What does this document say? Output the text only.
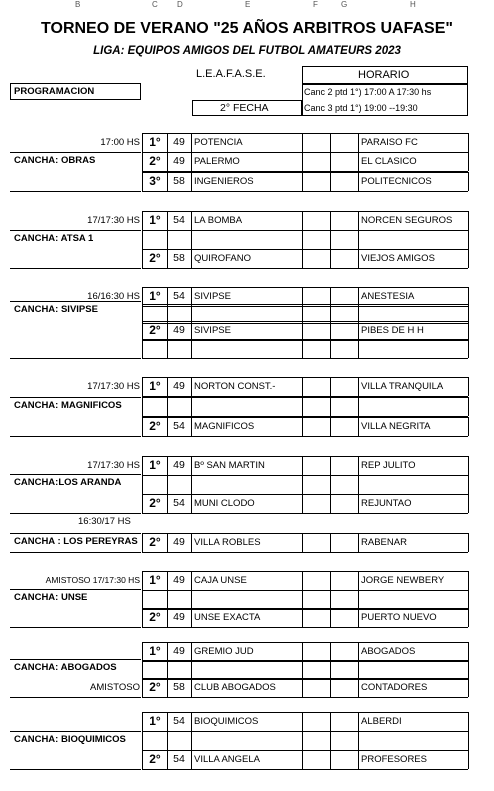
B	C D	E	F	G	H
TORNEO DE VERANO "25 AÑOS ARBITROS UAFASE"
LIGA: EQUIPOS AMIGOS DEL FUTBOL AMATEURS 2023
PROGRAMACION
L.E.A.F.A.S.E.	HORARIO
Canc 2 ptd 1°) 17:00 A 17:30 hs
Canc 3 ptd 1°) 19:00 --19:30
2° FECHA
17:00 HS 1°	49 POTENCIA	PARAISO FC
2°	49 PALERMO	EL CLASICO
3°	58 INGENIEROS	POLITECNICOS
CANCHA: OBRAS
17/17:30 HS 1°	54 LA BOMBA	NORCEN SEGUROS
2°	58 QUIROFANO	VIEJOS AMIGOS
CANCHA: ATSA 1
16/16:30 HS 1°	54 SIVIPSE	ANESTESIA
2°	49 SIVIPSE	PIBES DE H H
CANCHA: SIVIPSE
17/17:30 HS 1°	49 NORTON CONST.-	VILLA TRANQUILA
2°	54 MAGNIFICOS	VILLA NEGRITA
CANCHA: MAGNIFICOS
17/17:30 HS 1°	49 Bº SAN MARTIN	REP JULITO
2°	54 MUNI CLODO	REJUNTAO
CANCHA:LOS ARANDA
2°	49 VILLA ROBLES	RABENAR
CANCHA : LOS PEREYRAS
16:30/17 HS
AMISTOSO 17/17:30 HS 1°	49 CAJA UNSE	JORGE NEWBERY
2°	49 UNSE EXACTA	PUERTO NUEVO
CANCHA: UNSE
1°	49 GREMIO JUD	ABOGADOS
AMISTOSO 2°	58 CLUB ABOGADOS	CONTADORES
CANCHA: ABOGADOS
1°	54 BIOQUIMICOS	ALBERDI
2°	54 VILLA ANGELA	PROFESORES
CANCHA: BIOQUIMICOS
